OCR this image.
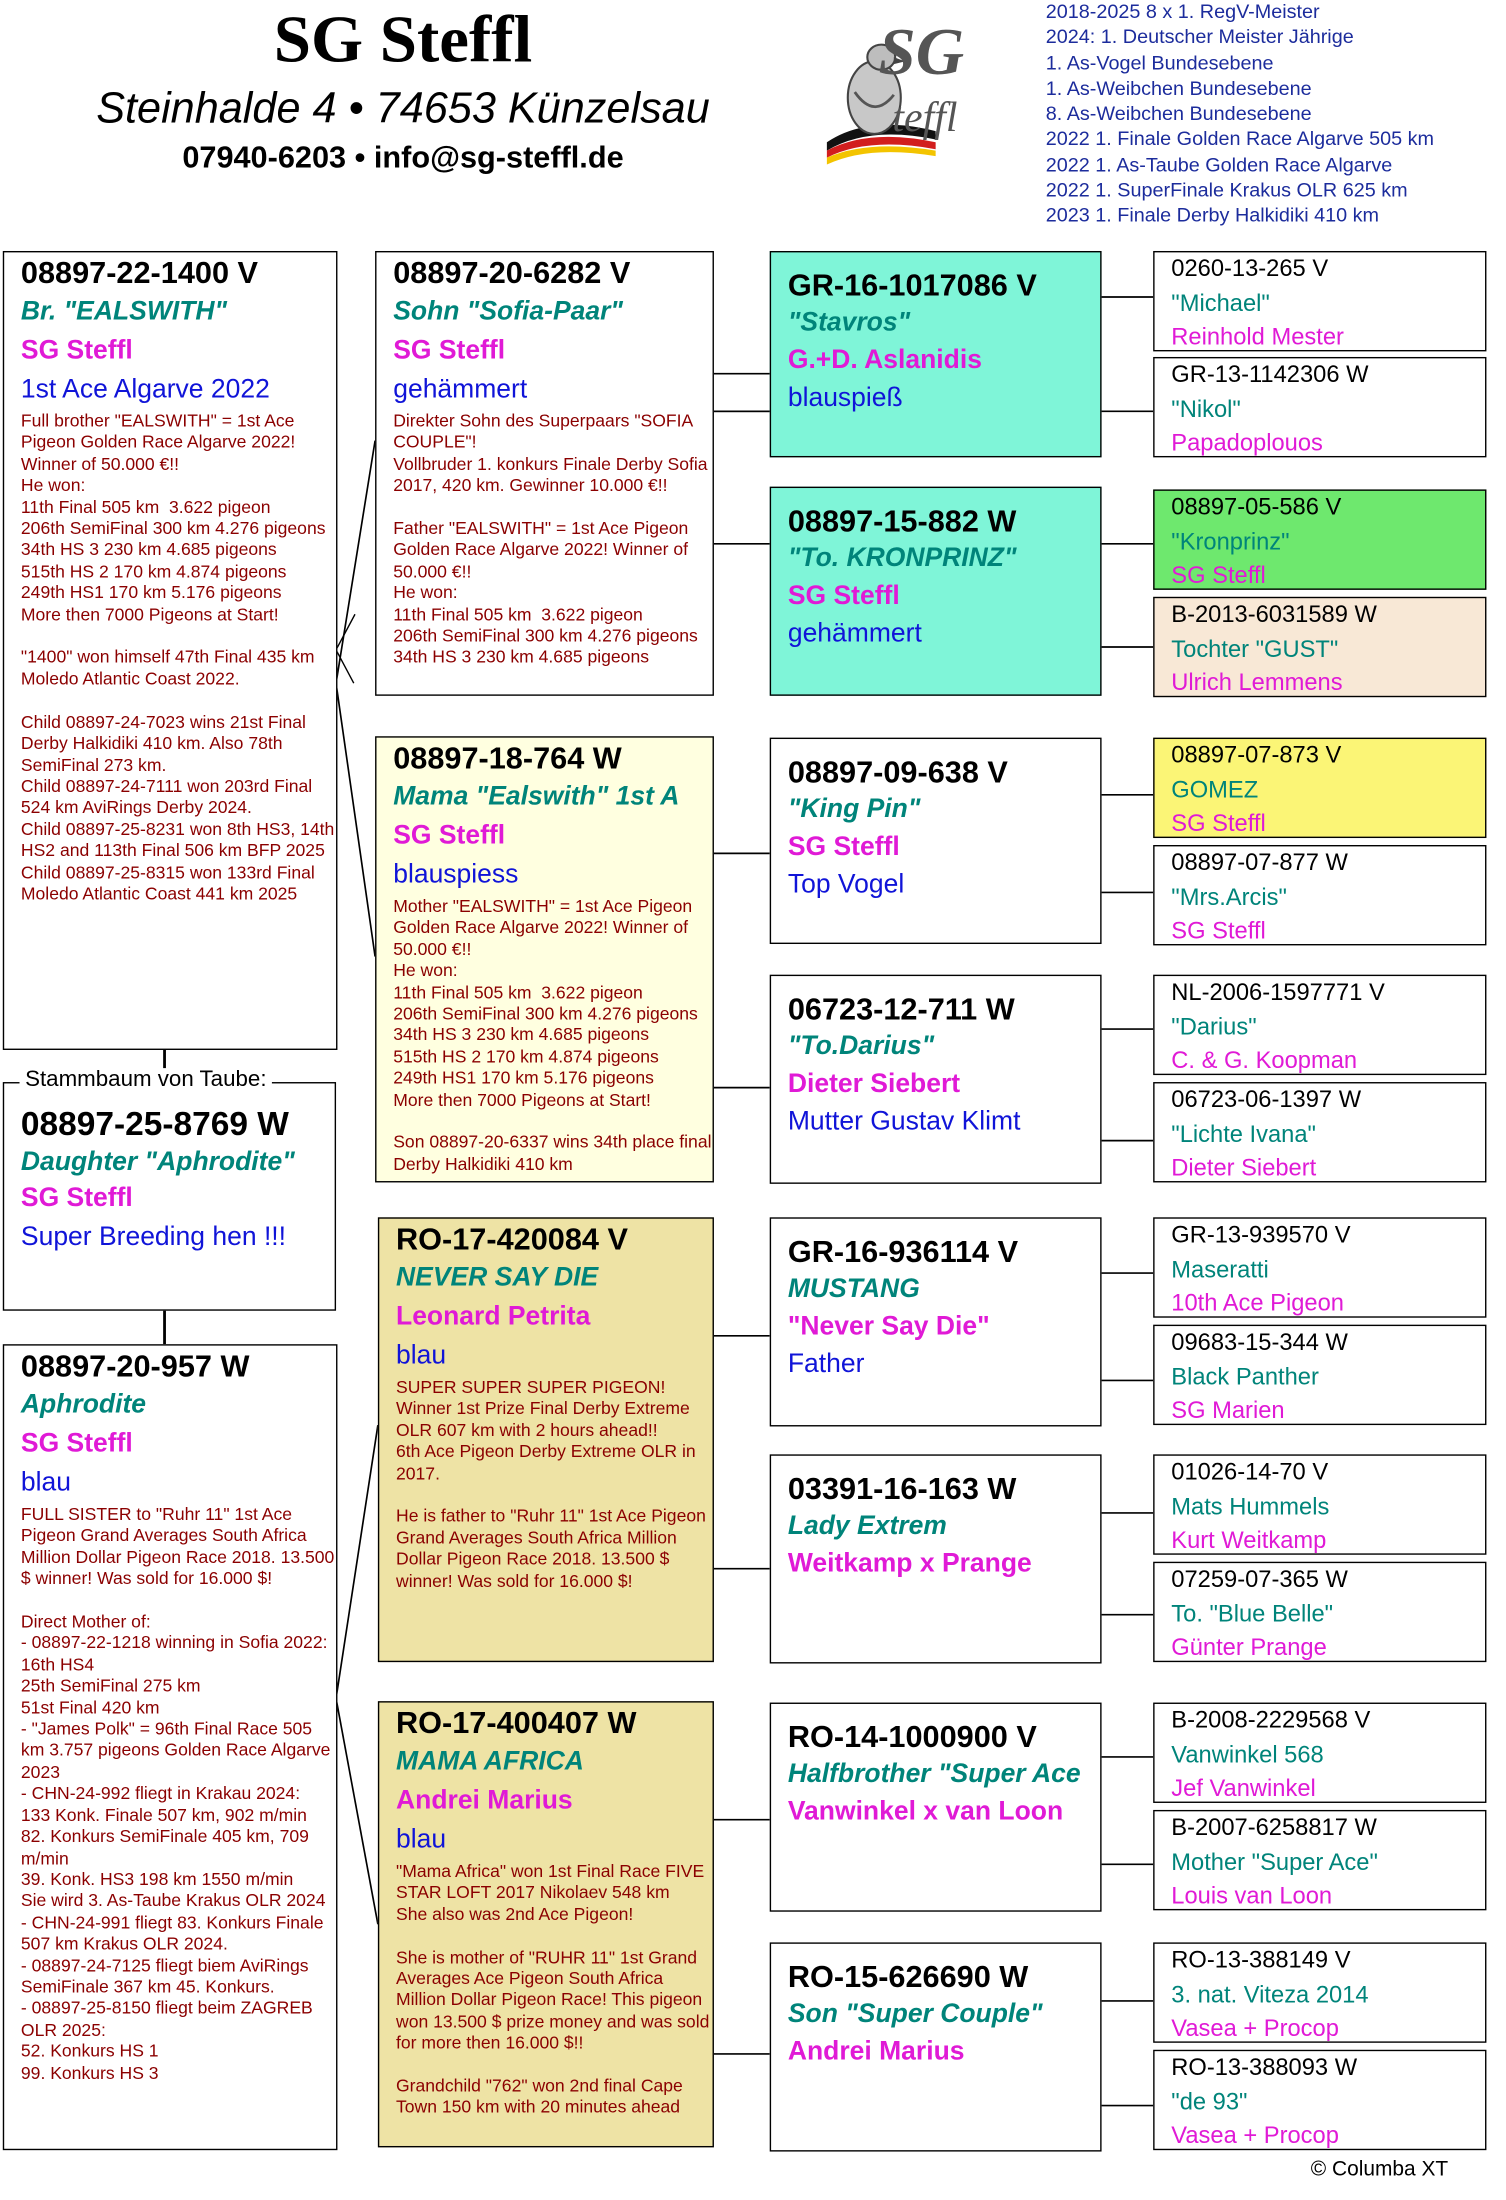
SG Steffl
Steinhalde 4 • 74653 Künzelsau
07940-6203 • info@sg-steffl.de
SG
teffl
2018-2025 8 x 1. RegV-Meister
2024: 1. Deutscher Meister Jährige
1. As-Vogel Bundesebene
1. As-Weibchen Bundesebene
8. As-Weibchen Bundesebene
2022 1. Finale Golden Race Algarve 505 km
2022 1. As-Taube Golden Race Algarve
2022 1. SuperFinale Krakus OLR 625 km
2023 1. Finale Derby Halkidiki 410 km
08897-22-1400 V
Br. "EALSWITH"
SG Steffl
1st Ace Algarve 2022
Full brother "EALSWITH" = 1st Ace Pigeon Golden Race Algarve 2022! Winner of 50.000 €!!
He won:
11th Final 505 km  3.622 pigeon
206th SemiFinal 300 km 4.276 pigeons
34th HS 3 230 km 4.685 pigeons
515th HS 2 170 km 4.874 pigeons
249th HS1 170 km 5.176 pigeons
More then 7000 Pigeons at Start!

"1400" won himself 47th Final 435 km Moledo Atlantic Coast 2022.

Child 08897-24-7023 wins 21st Final Derby Halkidiki 410 km. Also 78th SemiFinal 273 km.
Child 08897-24-7111 won 203rd Final 524 km AviRings Derby 2024.
Child 08897-25-8231 won 8th HS3, 14th HS2 and 113th Final 506 km BFP 2025
Child 08897-25-8315 won 133rd Final Moledo Atlantic Coast 441 km 2025
08897-25-8769 W
Daughter "Aphrodite"
SG Steffl
Super Breeding hen !!!
Stammbaum von Taube:
08897-20-957 W
Aphrodite
SG Steffl
blau
FULL SISTER to "Ruhr 11" 1st Ace Pigeon Grand Averages South Africa Million Dollar Pigeon Race 2018. 13.500 $ winner! Was sold for 16.000 $!

Direct Mother of:
- 08897-22-1218 winning in Sofia 2022:
16th HS4
25th SemiFinal 275 km
51st Final 420 km
- "James Polk" = 96th Final Race 505 km 3.757 pigeons Golden Race Algarve 2023
- CHN-24-992 fliegt in Krakau 2024:
133 Konk. Finale 507 km, 902 m/min
82. Konkurs SemiFinale 405 km, 709 m/min
39. Konk. HS3 198 km 1550 m/min
Sie wird 3. As-Taube Krakus OLR 2024
- CHN-24-991 fliegt 83. Konkurs Finale 507 km Krakus OLR 2024.
- 08897-24-7125 fliegt biem AviRings SemiFinale 367 km 45. Konkurs.
- 08897-25-8150 fliegt beim ZAGREB OLR 2025:
52. Konkurs HS 1
99. Konkurs HS 3
08897-20-6282 V
Sohn "Sofia-Paar"
SG Steffl
gehämmert
Direkter Sohn des Superpaars "SOFIA COUPLE"!
Vollbruder 1. konkurs Finale Derby Sofia 2017, 420 km. Gewinner 10.000 €!!

Father "EALSWITH" = 1st Ace Pigeon Golden Race Algarve 2022! Winner of 50.000 €!!
He won:
11th Final 505 km  3.622 pigeon
206th SemiFinal 300 km 4.276 pigeons
34th HS 3 230 km 4.685 pigeons
08897-18-764 W
Mama "Ealswith" 1st A
SG Steffl
blauspiess
Mother "EALSWITH" = 1st Ace Pigeon Golden Race Algarve 2022! Winner of 50.000 €!!
He won:
11th Final 505 km  3.622 pigeon
206th SemiFinal 300 km 4.276 pigeons
34th HS 3 230 km 4.685 pigeons
515th HS 2 170 km 4.874 pigeons
249th HS1 170 km 5.176 pigeons
More then 7000 Pigeons at Start!

Son 08897-20-6337 wins 34th place final Derby Halkidiki 410 km
RO-17-420084 V
NEVER SAY DIE
Leonard Petrita
blau
SUPER SUPER SUPER PIGEON!
Winner 1st Prize Final Derby Extreme OLR 607 km with 2 hours ahead!!
6th Ace Pigeon Derby Extreme OLR in 2017.

He is father to "Ruhr 11" 1st Ace Pigeon Grand Averages South Africa Million Dollar Pigeon Race 2018. 13.500 $ winner! Was sold for 16.000 $!
RO-17-400407 W
MAMA AFRICA
Andrei Marius
blau
"Mama Africa" won 1st Final Race FIVE STAR LOFT 2017 Nikolaev 548 km
She also was 2nd Ace Pigeon!

She is mother of "RUHR 11" 1st Grand Averages Ace Pigeon South Africa Million Dollar Pigeon Race! This pigeon won 13.500 $ prize money and was sold for more then 16.000 $!!

Grandchild "762" won 2nd final Cape Town 150 km with 20 minutes ahead
GR-16-1017086 V
"Stavros"
G.+D. Aslanidis
blauspieß
08897-15-882 W
"To. KRONPRINZ"
SG Steffl
gehämmert
08897-09-638 V
"King Pin"
SG Steffl
Top Vogel
06723-12-711 W
"To.Darius"
Dieter Siebert
Mutter Gustav Klimt
GR-16-936114 V
MUSTANG
"Never Say Die"
Father
03391-16-163 W
Lady Extrem
Weitkamp x Prange
RO-14-1000900 V
Halfbrother "Super Ace
Vanwinkel x van Loon
RO-15-626690 W
Son "Super Couple"
Andrei Marius
0260-13-265 V
"Michael"
Reinhold Mester
GR-13-1142306 W
"Nikol"
Papadoplouos
08897-05-586 V
"Kronprinz"
SG Steffl
B-2013-6031589 W
Tochter "GUST"
Ulrich Lemmens
08897-07-873 V
GOMEZ
SG Steffl
08897-07-877 W
"Mrs.Arcis"
SG Steffl
NL-2006-1597771 V
"Darius"
C. & G. Koopman
06723-06-1397 W
"Lichte Ivana"
Dieter Siebert
GR-13-939570 V
Maseratti
10th Ace Pigeon
09683-15-344 W
Black Panther
SG Marien
01026-14-70 V
Mats Hummels
Kurt Weitkamp
07259-07-365 W
To. "Blue Belle"
Günter Prange
B-2008-2229568 V
Vanwinkel 568
Jef Vanwinkel
B-2007-6258817 W
Mother "Super Ace"
Louis van Loon
RO-13-388149 V
3. nat. Viteza 2014
Vasea + Procop
RO-13-388093 W
"de 93"
Vasea + Procop
© Columba XT
